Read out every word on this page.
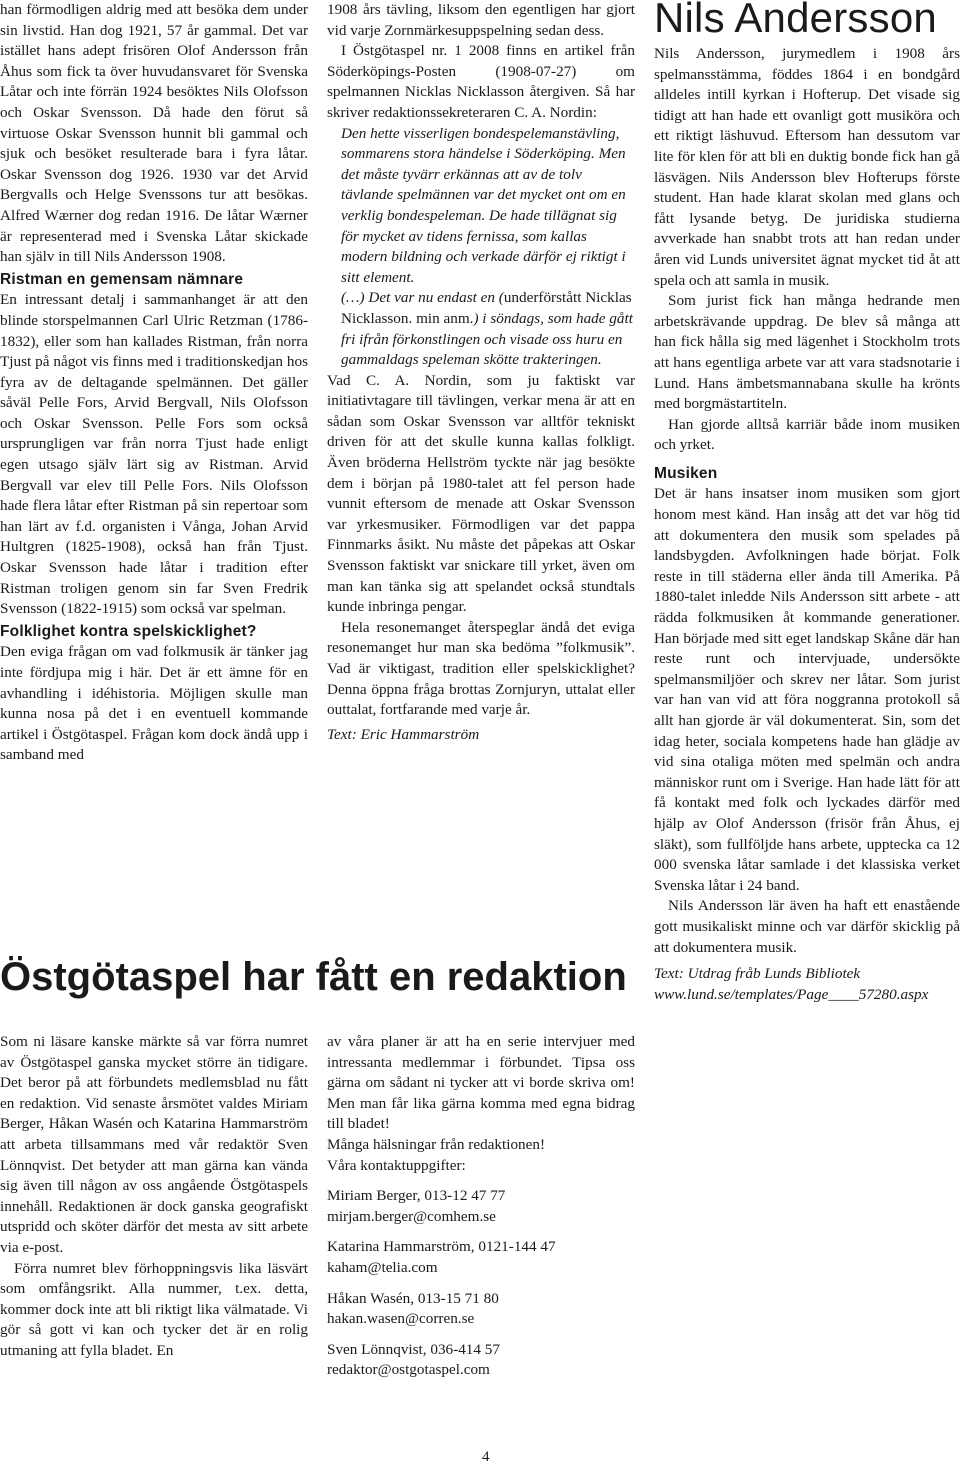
han förmodligen aldrig med att besöka dem under sin livstid. Han dog 1921, 57 år gammal. Det var istället hans adept frisören Olof Andersson från Åhus som fick ta över huvudansvaret för Svenska Låtar och inte förrän 1924 besöktes Nils Olofsson och Oskar Svensson. Då hade den förut så virtuose Oskar Svensson hunnit bli gammal och sjuk och besöket resulterade bara i fyra låtar. Oskar Svensson dog 1926. 1930 var det Arvid Bergvalls och Helge Svenssons tur att besökas. Alfred Wærner dog redan 1916. De låtar Wærner är representerad med i Svenska Låtar skickade han själv in till Nils Andersson 1908.

Ristman en gemensam nämnare

En intressant detalj i sammanhanget är att den blinde storspelmannen Carl Ulric Retzman (1786-1832), eller som han kallades Ristman, från norra Tjust på något vis finns med i traditionskedjan hos fyra av de deltagande spelmännen. Det gäller såväl Pelle Fors, Arvid Bergvall, Nils Olofsson och Oskar Svensson. Pelle Fors som också ursprungligen var från norra Tjust hade enligt egen utsago själv lärt sig av Ristman. Arvid Bergvall var elev till Pelle Fors. Nils Olofsson hade flera låtar efter Ristman på sin repertoar som han lärt av f.d. organisten i Vånga, Johan Arvid Hultgren (1825-1908), också han från Tjust. Oskar Svensson hade låtar i tradition efter Ristman troligen genom sin far Sven Fredrik Svensson (1822-1915) som också var spelman.

Folklighet kontra spelskicklighet?

Den eviga frågan om vad folkmusik är tänker jag inte fördjupa mig i här. Det är ett ämne för en avhandling i idéhistoria. Möjligen skulle man kunna nosa på det i en eventuell kommande artikel i Östgötaspel. Frågan kom dock ändå upp i samband med

1908 års tävling, liksom den egentligen har gjort vid varje Zornmärkesuppspelning sedan dess.

I Östgötaspel nr. 1 2008 finns en artikel från Söderköpings-Posten (1908-07-27) om spelmannen Nicklas Nicklasson återgiven. Så har skriver redaktionssekreteraren C. A. Nordin:

Den hette visserligen bondespelemanstävling, sommarens stora händelse i Söderköping. Men det måste tyvärr erkännas att av de tolv tävlande spelmännen var det mycket ont om en verklig bondespeleman. De hade tillägnat sig för mycket av tidens fernissa, som kallas modern bildning och verkade därför ej riktigt i sitt element.

(…) Det var nu endast en (underförstått Nicklas Nicklasson. min anm.) i söndags, som hade gått fri ifrån förkonstlingen och visade oss huru en gammaldags speleman skötte trakteringen.

Vad C. A. Nordin, som ju faktiskt var initiativtagare till tävlingen, verkar mena är att en sådan som Oskar Svensson var alltför tekniskt driven för att det skulle kunna kallas folkligt. Även bröderna Hellström tyckte när jag besökte dem i början på 1980-talet att fel person hade vunnit eftersom de menade att Oskar Svensson var yrkesmusiker. Förmodligen var det pappa Finnmarks åsikt. Nu måste det påpekas att Oskar Svensson faktiskt var snickare till yrket, även om man kan tänka sig att spelandet också stundtals kunde inbringa pengar.

Hela resonemanget återspeglar ändå det eviga resonemanget hur man ska bedöma ”folkmusik”. Vad är viktigast, tradition eller spelskicklighet? Denna öppna fråga brottas Zornjuryn, uttalat eller outtalat, fortfarande med varje år.

Text: Eric Hammarström

Nils Andersson

Nils Andersson, jurymedlem i 1908 års spelmansstämma, föddes 1864 i en bondgård alldeles intill kyrkan i Hofterup. Det visade sig tidigt att han hade ett ovanligt gott musiköra och ett riktigt läshuvud. Eftersom han dessutom var lite för klen för att bli en duktig bonde fick han gå läsvägen. Nils Andersson blev Hofterups förste student. Han hade klarat skolan med glans och fått lysande betyg. De juridiska studierna avverkade han snabbt trots att han redan under åren vid Lunds universitet ägnat mycket tid åt att spela och att samla in musik.

Som jurist fick han många hedrande men arbetskrävande uppdrag. De blev så många att han fick hålla sig med lägenhet i Stockholm trots att hans egentliga arbete var att vara stadsnotarie i Lund. Hans ämbetsmannabana skulle ha krönts med borgmästartiteln.

Han gjorde alltså karriär både inom musiken och yrket.

Musiken

Det är hans insatser inom musiken som gjort honom mest känd. Han insåg att det var hög tid att dokumentera den musik som spelades på landsbygden. Avfolkningen hade börjat. Folk reste in till städerna eller ända till Amerika. På 1880-talet inledde Nils Andersson sitt arbete - att rädda folkmusiken åt kommande generationer. Han började med sitt eget landskap Skåne där han reste runt och intervjuade, undersökte spelmansmiljöer och skrev ner låtar. Som jurist var han van vid att föra noggranna protokoll så allt han gjorde är väl dokumenterat. Sin, som det idag heter, sociala kompetens hade han glädje av vid sina otaliga möten med spelmän och andra människor runt om i Sverige. Han hade lätt för att få kontakt med folk och lyckades därför med hjälp av Olof Andersson (frisör från Åhus, ej släkt), som fullföljde hans arbete, upptecka ca 12 000 svenska låtar samlade i det klassiska verket Svenska låtar i 24 band.

Nils Andersson lär även ha haft ett enastående gott musikaliskt minne och var därför skicklig på att dokumentera musik.

Text: Utdrag fråb Lunds Bibliotek

www.lund.se/templates/Page____57280.aspx

Östgötaspel har fått en redaktion

Som ni läsare kanske märkte så var förra numret av Östgötaspel ganska mycket större än tidigare. Det beror på att förbundets medlemsblad nu fått en redaktion. Vid senaste årsmötet valdes Miriam Berger, Håkan Wasén och Katarina Hammarström att arbeta tillsammans med vår redaktör Sven Lönnqvist. Det betyder att man gärna kan vända sig även till någon av oss angående Östgötaspels innehåll. Redaktionen är dock ganska geografiskt utspridd och sköter därför det mesta av sitt arbete via e-post.

Förra numret blev förhoppningsvis lika läsvärt som omfångsrikt. Alla nummer, t.ex. detta, kommer dock inte att bli riktigt lika välmatade. Vi gör så gott vi kan och tycker det är en rolig utmaning att fylla bladet. En

av våra planer är att ha en serie intervjuer med intressanta medlemmar i förbundet. Tipsa oss gärna om sådant ni tycker att vi borde skriva om! Men man får lika gärna komma med egna bidrag till bladet!

Många hälsningar från redaktionen!

Våra kontaktuppgifter:

Miriam Berger, 013-12 47 77

mirjam.berger@comhem.se

Katarina Hammarström, 0121-144 47

kaham@telia.com

Håkan Wasén, 013-15 71 80

hakan.wasen@corren.se

Sven Lönnqvist, 036-414 57

redaktor@ostgotaspel.com

4
